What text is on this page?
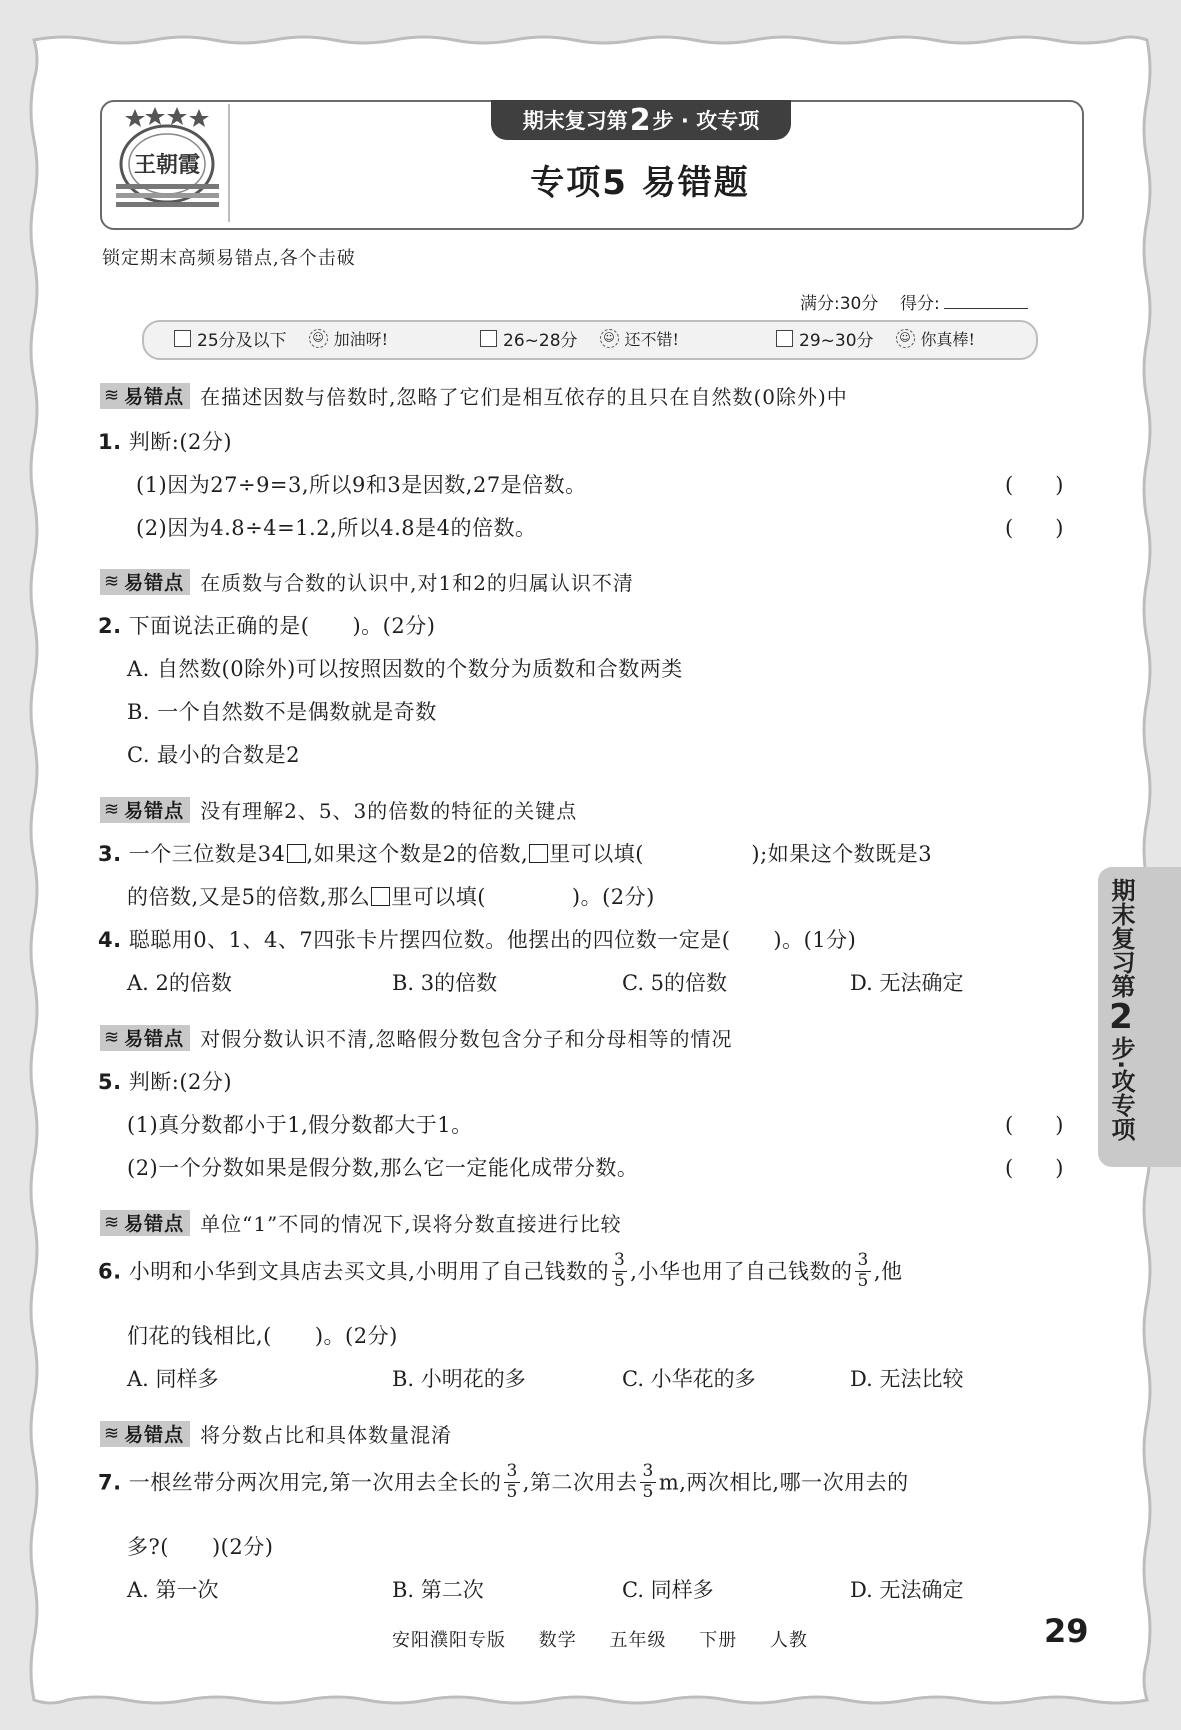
王朝霞
期末复习第 2 步 · 攻专项
专项5 易错题
锁定期末高频易错点,各个击破
满分:30分 得分:
25分及以下	☺ 加油呀!	26~28分	☺ 还不错!	29~30分	☺ 你真棒!
≋ 易错点 在描述因数与倍数时,忽略了它们是相互依存的且只在自然数(0除外)中
1. 判断:(2分)
(1)因为27÷9=3,所以9和3是因数,27是倍数。	(　　)
(2)因为4.8÷4=1.2,所以4.8是4的倍数。	(　　)
≋ 易错点 在质数与合数的认识中,对1和2的归属认识不清
2. 下面说法正确的是(　　)。(2分)
A. 自然数(0除外)可以按照因数的个数分为质数和合数两类
B. 一个自然数不是偶数就是奇数
C. 最小的合数是2
≋ 易错点 没有理解2、5、3的倍数的特征的关键点
3. 一个三位数是34 ,如果这个数是2的倍数, 里可以填(　　　　　);如果这个数既是3
的倍数,又是5的倍数,那么 里可以填(　　　　)。(2分)
4. 聪聪用0、1、4、7四张卡片摆四位数。他摆出的四位数一定是(　　)。(1分)
A. 2的倍数	B. 3的倍数	C. 5的倍数	D. 无法确定
≋ 易错点 对假分数认识不清,忽略假分数包含分子和分母相等的情况
5. 判断:(2分)
(1)真分数都小于1,假分数都大于1。	(　　)
(2)一个分数如果是假分数,那么它一定能化成带分数。	(　　)
≋ 易错点 单位“1”不同的情况下,误将分数直接进行比较
6. 小明和小华到文具店去买文具,小明用了自己钱数的 $\frac{3}{5}$ ,小华也用了自己钱数的 $\frac{3}{5}$ ,他
们花的钱相比,(　　)。(2分)
A. 同样多	B. 小明花的多	C. 小华花的多	D. 无法比较
≋ 易错点 将分数占比和具体数量混淆
7. 一根丝带分两次用完,第一次用去全长的 $\frac{3}{5}$ ,第二次用去 $\frac{3}{5} m$,两次相比,哪一次用去的
多?(　　)(2分)
A. 第一次	B. 第二次	C. 同样多	D. 无法确定
期末复习第
2
步·攻专项
安阳濮阳专版 数学 五年级 下册 人教	29
